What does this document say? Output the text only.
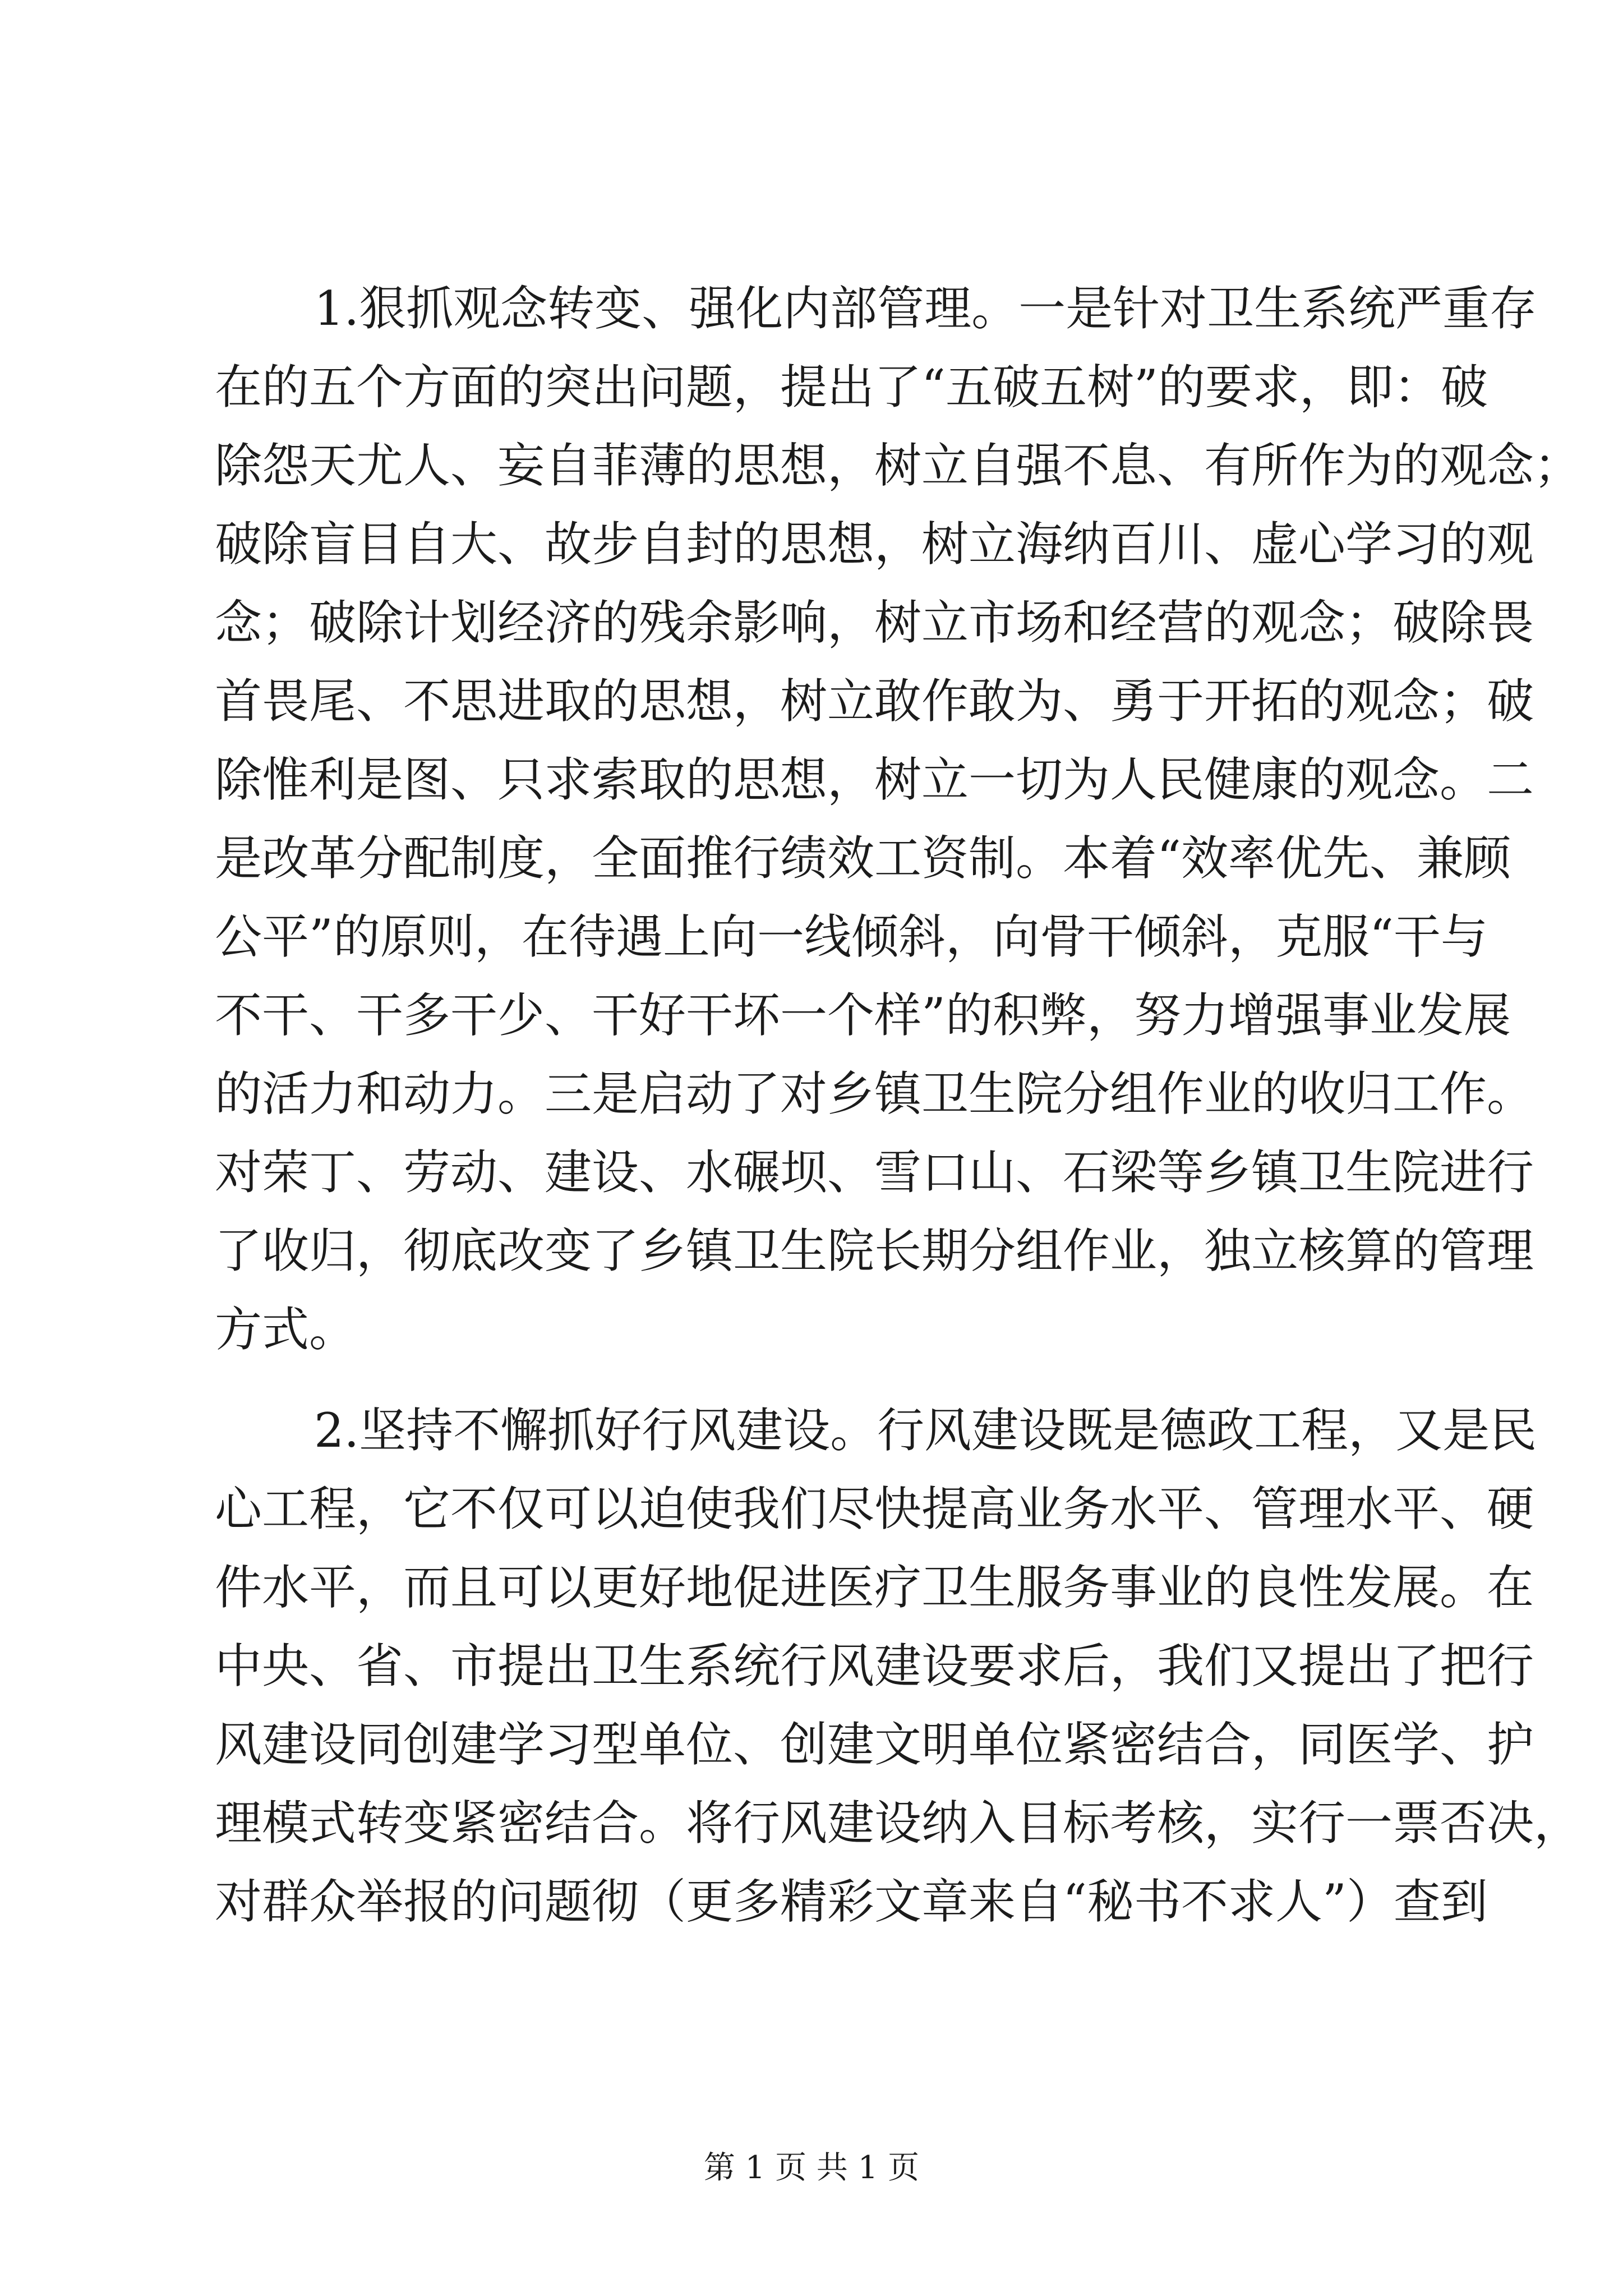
1.狠抓观念转变、强化内部管理。一是针对卫生系统严重存
在的五个方面的突出问题，提出了“五破五树”的要求，即：破
除怨天尤人、妄自菲薄的思想，树立自强不息、有所作为的观念；
破除盲目自大、故步自封的思想，树立海纳百川、虚心学习的观
念；破除计划经济的残余影响，树立市场和经营的观念；破除畏
首畏尾、不思进取的思想，树立敢作敢为、勇于开拓的观念；破
除惟利是图、只求索取的思想，树立一切为人民健康的观念。二
是改革分配制度，全面推行绩效工资制。本着“效率优先、兼顾
公平”的原则，在待遇上向一线倾斜，向骨干倾斜，克服“干与
不干、干多干少、干好干坏一个样”的积弊，努力增强事业发展
的活力和动力。三是启动了对乡镇卫生院分组作业的收归工作。
对荣丁、劳动、建设、水碾坝、雪口山、石梁等乡镇卫生院进行
了收归，彻底改变了乡镇卫生院长期分组作业，独立核算的管理
方式。
2.坚持不懈抓好行风建设。行风建设既是德政工程，又是民
心工程，它不仅可以迫使我们尽快提高业务水平、管理水平、硬
件水平，而且可以更好地促进医疗卫生服务事业的良性发展。在
中央、省、市提出卫生系统行风建设要求后，我们又提出了把行
风建设同创建学习型单位、创建文明单位紧密结合，同医学、护
理模式转变紧密结合。将行风建设纳入目标考核，实行一票否决，
对群众举报的问题彻（更多精彩文章来自“秘书不求人”）查到
第 1 页 共 1 页
